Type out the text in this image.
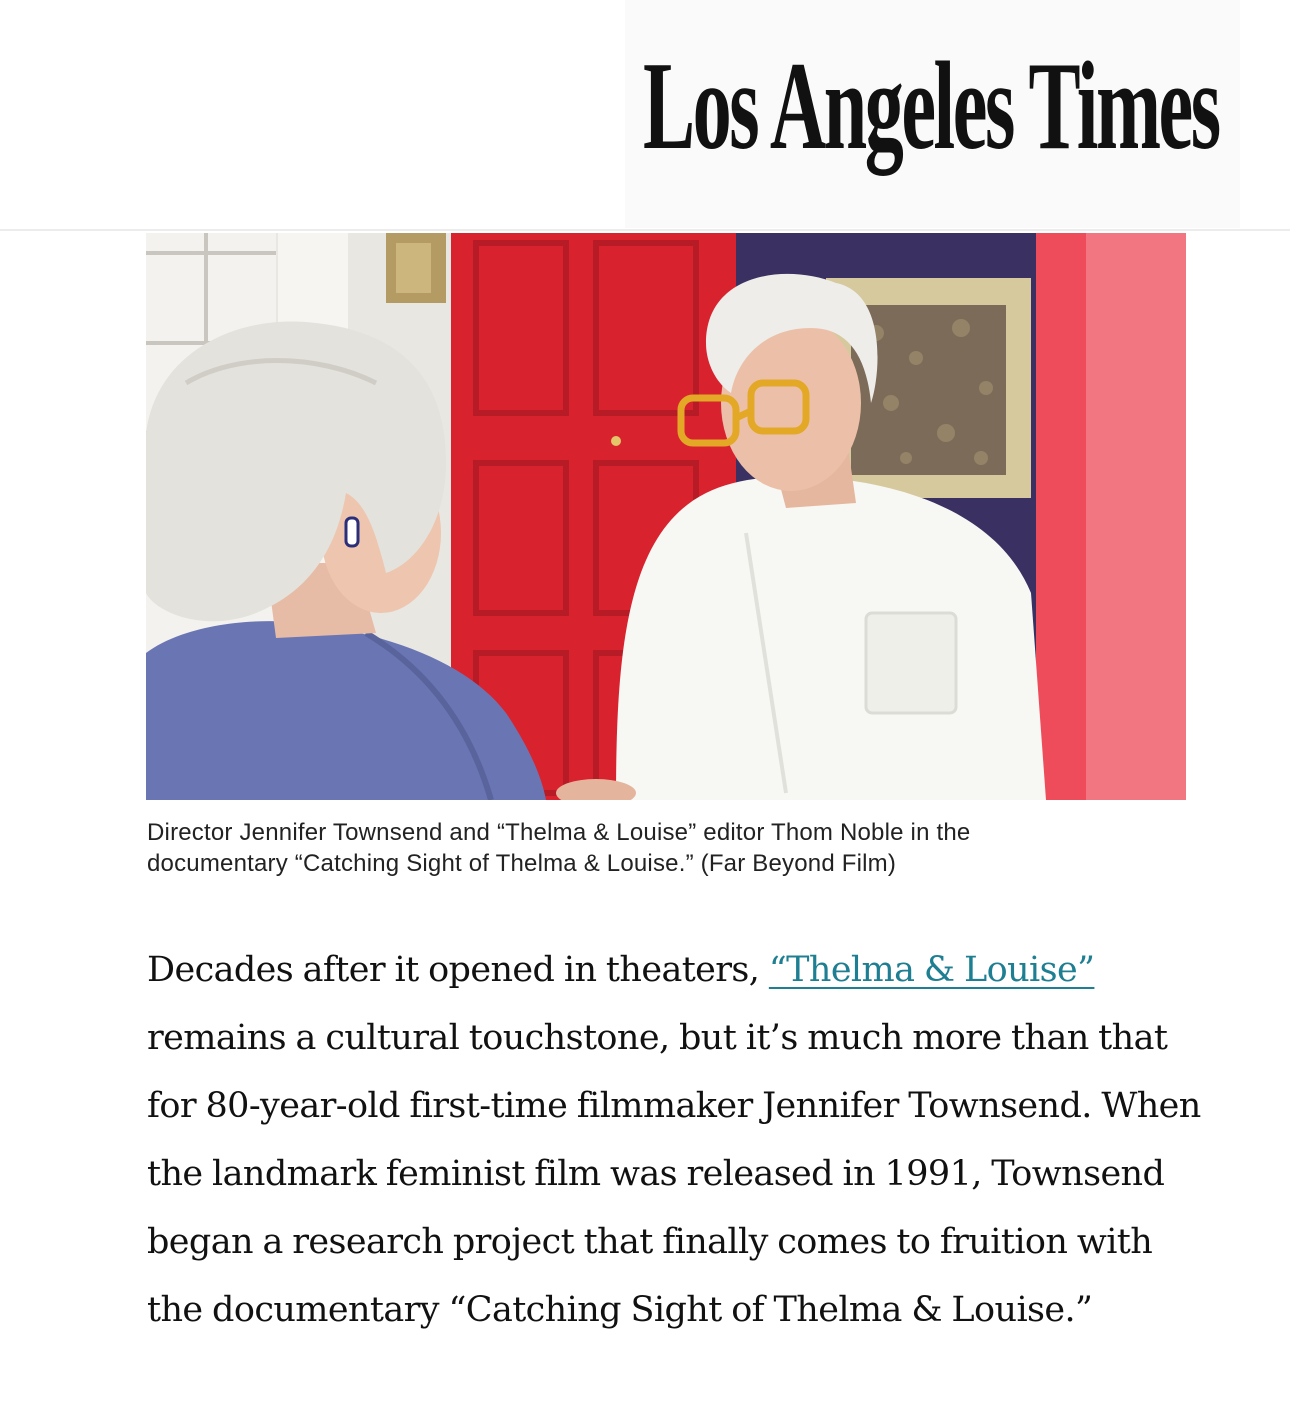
Los Angeles Times
Director Jennifer Townsend and “Thelma & Louise” editor Thom Noble in the
documentary “Catching Sight of Thelma & Louise.” (Far Beyond Film)
Decades after it opened in theaters, “Thelma & Louise” remains a cultural touchstone, but it’s much more than that for 80-year-old first-time filmmaker Jennifer Townsend. When the landmark feminist film was released in 1991, Townsend began a research project that finally comes to fruition with the documentary “Catching Sight of Thelma & Louise.”
